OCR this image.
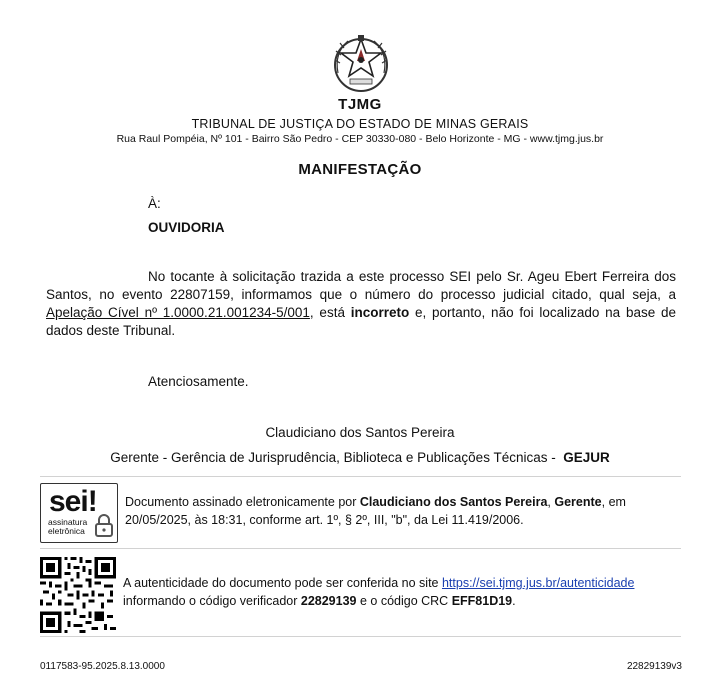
TJMG
TRIBUNAL DE JUSTIÇA DO ESTADO DE MINAS GERAIS
Rua Raul Pompéia, Nº 101 - Bairro São Pedro - CEP 30330-080 - Belo Horizonte - MG - www.tjmg.jus.br
MANIFESTAÇÃO
À:
OUVIDORIA
No tocante à solicitação trazida a este processo SEI pelo Sr. Ageu Ebert Ferreira dos Santos, no evento 22807159, informamos que o número do processo judicial citado, qual seja, a Apelação Cível nº 1.0000.21.001234-5/001, está incorreto e, portanto, não foi localizado na base de dados deste Tribunal.
Atenciosamente.
Claudiciano dos Santos Pereira
Gerente - Gerência de Jurisprudência, Biblioteca e Publicações Técnicas - GEJUR
sei!
assinatura
eletrônica
Documento assinado eletronicamente por Claudiciano dos Santos Pereira, Gerente, em 20/05/2025, às 18:31, conforme art. 1º, § 2º, III, "b", da Lei 11.419/2006.
A autenticidade do documento pode ser conferida no site https://sei.tjmg.jus.br/autenticidade informando o código verificador 22829139 e o código CRC EFF81D19.
0117583-95.2025.8.13.0000	22829139v3
